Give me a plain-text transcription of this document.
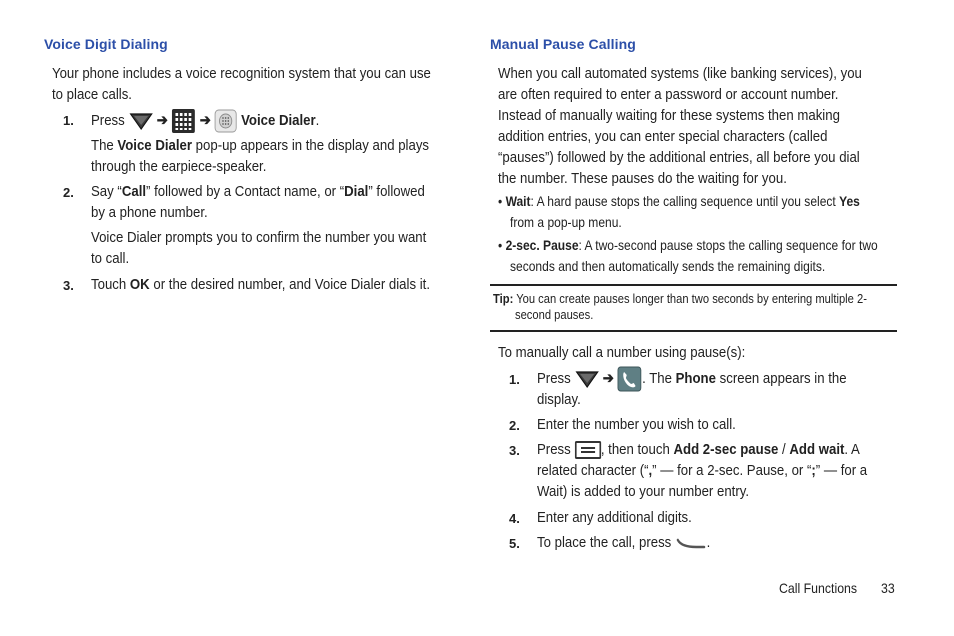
Voice Digit Dialing
Your phone includes a voice recognition system that you can use
to place calls.
1. Press ➔ ➔ Voice Dialer.
The Voice Dialer pop-up appears in the display and plays
through the earpiece-speaker.
2. Say “Call” followed by a Contact name, or “Dial” followed
by a phone number.
Voice Dialer prompts you to confirm the number you want
to call.
3. Touch OK or the desired number, and Voice Dialer dials it.
Manual Pause Calling
When you call automated systems (like banking services), you
are often required to enter a password or account number.
Instead of manually waiting for these systems then making
addition entries, you can enter special characters (called
“pauses”) followed by the additional entries, all before you dial
the number. These pauses do the waiting for you.
• Wait: A hard pause stops the calling sequence until you select Yes
from a pop-up menu.
• 2-sec. Pause: A two-second pause stops the calling sequence for two
seconds and then automatically sends the remaining digits.
Tip: You can create pauses longer than two seconds by entering multiple 2-
second pauses.
To manually call a number using pause(s):
1. Press ➔ . The Phone screen appears in the
display.
2. Enter the number you wish to call.
3. Press , then touch Add 2-sec pause / Add wait. A
related character (“,” — for a 2-sec. Pause, or “;” — for a
Wait) is added to your number entry.
4. Enter any additional digits.
5. To place the call, press .
Call Functions 33
